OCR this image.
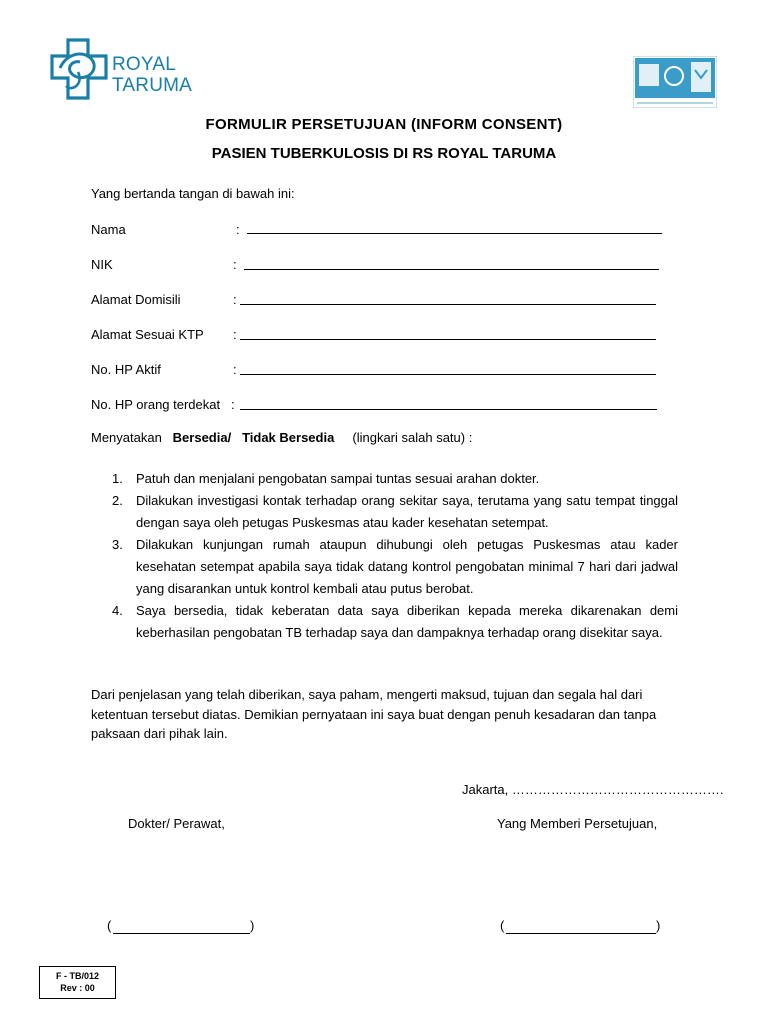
ROYAL
TARUMA
FORMULIR PERSETUJUAN (INFORM CONSENT)
PASIEN TUBERKULOSIS DI RS ROYAL TARUMA
Yang bertanda tangan di bawah ini:
Nama	:
NIK	:
Alamat Domisili	:
Alamat Sesuai KTP :
No. HP Aktif	:
No. HP orang terdekat :
Menyatakan Bersedia/ Tidak Bersedia (lingkari salah satu) :
1. Patuh dan menjalani pengobatan sampai tuntas sesuai arahan dokter.
2. Dilakukan investigasi kontak terhadap orang sekitar saya, terutama yang satu tempat tinggal dengan saya oleh petugas Puskesmas atau kader kesehatan setempat.
3. Dilakukan kunjungan rumah ataupun dihubungi oleh petugas Puskesmas atau kader kesehatan setempat apabila saya tidak datang kontrol pengobatan minimal 7 hari dari jadwal yang disarankan untuk kontrol kembali atau putus berobat.
4. Saya bersedia, tidak keberatan data saya diberikan kepada mereka dikarenakan demi keberhasilan pengobatan TB terhadap saya dan dampaknya terhadap orang disekitar saya.
Dari penjelasan yang telah diberikan, saya paham, mengerti maksud, tujuan dan segala hal dari ketentuan tersebut diatas. Demikian pernyataan ini saya buat dengan penuh kesadaran dan tanpa paksaan dari pihak lain.
Jakarta, ………………………………………….
Dokter/ Perawat,	Yang Memberi Persetujuan,
(	)	(	)
F - TB/012
Rev : 00
